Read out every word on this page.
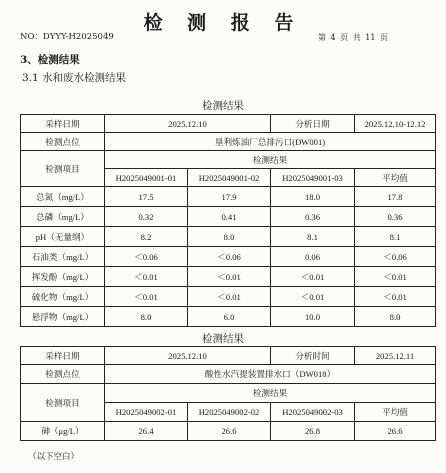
检 测 报 告
NO：DYYY-H2025049	第 4 页 共 11 页
3、检测结果
3.1 水和废水检测结果
检测结果
采样日期	2025.12.10		分析日期	2025.12.10-12.12
检测点位	垦利炼油厂总排污口(DW001)			
检测项目	检测结果			
	H2025049001-01	H2025049001-02	H2025049001-03	平均值
总氮（mg/L）	17.5	17.9	18.0	17.8
总磷（mg/L）	0.32	0.41	0.36	0.36
pH（无量纲）	8.2	8.0	8.1	8.1
石油类（mg/L）	＜0.06	＜0.06	0.06	＜0.06
挥发酚（mg/L）	＜0.01	＜0.01	＜0.01	＜0.01
硫化物（mg/L）	＜0.01	＜0.01	＜0.01	＜0.01
悬浮物（mg/L）	8.0	6.0	10.0	8.0
检测结果
采样日期	2025.12.10		分析时间	2025.12.11
检测点位	酸性水汽提装置排水口（DW018）			
检测项目	检测结果			
	H2025049002-01	H2025049002-02	H2025049002-03	平均值
砷（μg/L）	26.4	26.6	26.8	26.6
（以下空白）
